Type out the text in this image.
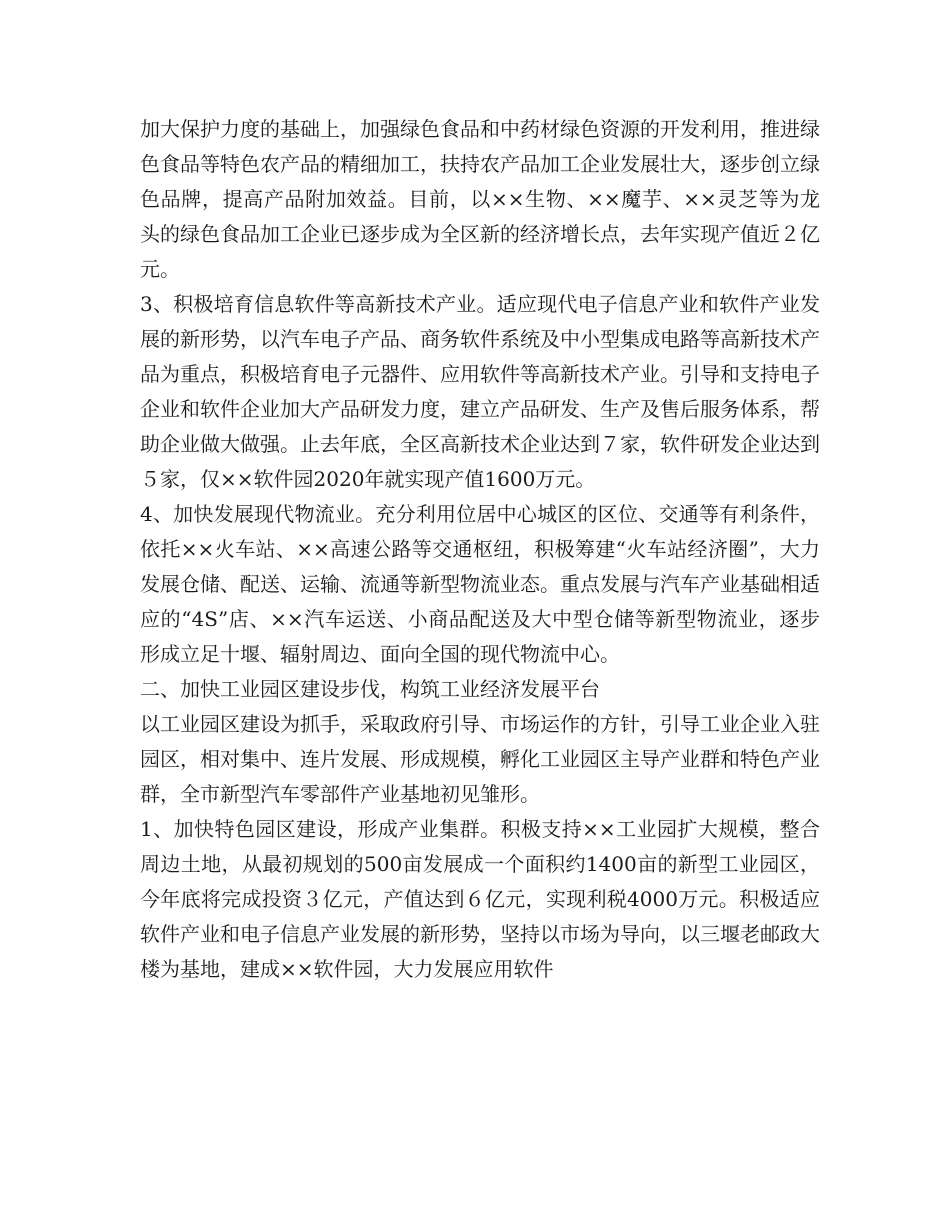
加大保护力度的基础上，加强绿色食品和中药材绿色资源的开发利用，推进绿色食品等特色农产品的精细加工，扶持农产品加工企业发展壮大，逐步创立绿色品牌，提高产品附加效益。目前，以××生物、××魔芋、××灵芝等为龙头的绿色食品加工企业已逐步成为全区新的经济增长点，去年实现产值近２亿元。

3、积极培育信息软件等高新技术产业。适应现代电子信息产业和软件产业发展的新形势，以汽车电子产品、商务软件系统及中小型集成电路等高新技术产品为重点，积极培育电子元器件、应用软件等高新技术产业。引导和支持电子企业和软件企业加大产品研发力度，建立产品研发、生产及售后服务体系，帮助企业做大做强。止去年底，全区高新技术企业达到７家，软件研发企业达到５家，仅××软件园2020年就实现产值1600万元。

4、加快发展现代物流业。充分利用位居中心城区的区位、交通等有利条件，依托××火车站、××高速公路等交通枢纽，积极筹建“火车站经济圈”，大力发展仓储、配送、运输、流通等新型物流业态。重点发展与汽车产业基础相适应的“4S”店、××汽车运送、小商品配送及大中型仓储等新型物流业，逐步形成立足十堰、辐射周边、面向全国的现代物流中心。

二、加快工业园区建设步伐，构筑工业经济发展平台

以工业园区建设为抓手，采取政府引导、市场运作的方针，引导工业企业入驻园区，相对集中、连片发展、形成规模，孵化工业园区主导产业群和特色产业群，全市新型汽车零部件产业基地初见雏形。

1、加快特色园区建设，形成产业集群。积极支持××工业园扩大规模，整合周边土地，从最初规划的500亩发展成一个面积约1400亩的新型工业园区，今年底将完成投资３亿元，产值达到６亿元，实现利税4000万元。积极适应软件产业和电子信息产业发展的新形势，坚持以市场为导向，以三堰老邮政大楼为基地，建成××软件园，大力发展应用软件
